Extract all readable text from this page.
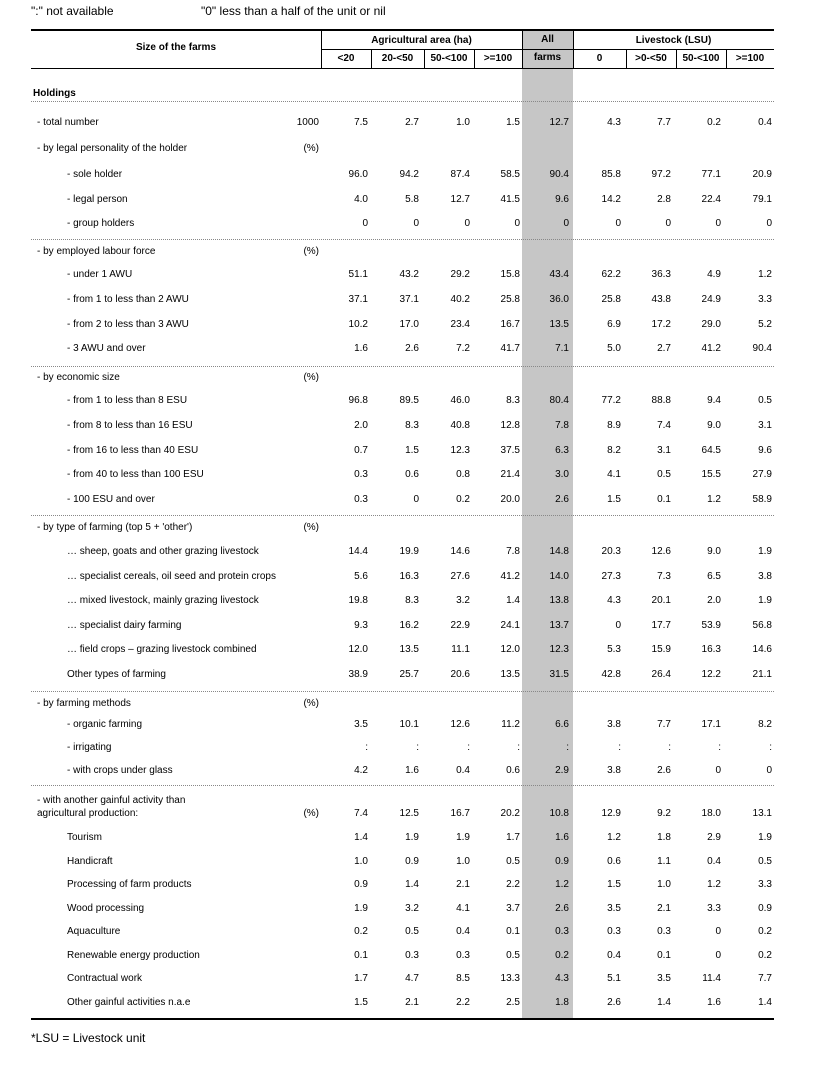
":" not available	"0" less than a half of the unit or nil
Size of the farms
Agricultural area (ha)	All
farms
Livestock (LSU)
<20	20-<50	50-<100	>=100	0	>0-<50	50-<100	>=100
Holdings
- total number	1000	7.5	2.7	1.0	1.5	12.7	4.3	7.7	0.2	0.4
- by legal personality of the holder	(%)
- sole holder	96.0	94.2	87.4	58.5	90.4	85.8	97.2	77.1	20.9
- legal person	4.0	5.8	12.7	41.5	9.6	14.2	2.8	22.4	79.1
- group holders	0	0	0	0	0	0	0	0	0
- by employed labour force	(%)
- under 1 AWU	51.1	43.2	29.2	15.8	43.4	62.2	36.3	4.9	1.2
- from 1 to less than 2 AWU	37.1	37.1	40.2	25.8	36.0	25.8	43.8	24.9	3.3
- from 2 to less than 3 AWU	10.2	17.0	23.4	16.7	13.5	6.9	17.2	29.0	5.2
- 3 AWU and over	1.6	2.6	7.2	41.7	7.1	5.0	2.7	41.2	90.4
- by economic size	(%)
- from 1 to less than 8 ESU	96.8	89.5	46.0	8.3	80.4	77.2	88.8	9.4	0.5
- from 8 to less than 16 ESU	2.0	8.3	40.8	12.8	7.8	8.9	7.4	9.0	3.1
- from 16 to less than 40 ESU	0.7	1.5	12.3	37.5	6.3	8.2	3.1	64.5	9.6
- from 40 to less than 100 ESU	0.3	0.6	0.8	21.4	3.0	4.1	0.5	15.5	27.9
- 100 ESU and over	0.3	0	0.2	20.0	2.6	1.5	0.1	1.2	58.9
- by type of farming (top 5 + 'other')	(%)
… sheep, goats and other grazing livestock	14.4	19.9	14.6	7.8	14.8	20.3	12.6	9.0	1.9
… specialist cereals, oil seed and protein crops	5.6	16.3	27.6	41.2	14.0	27.3	7.3	6.5	3.8
… mixed livestock, mainly grazing livestock	19.8	8.3	3.2	1.4	13.8	4.3	20.1	2.0	1.9
… specialist dairy farming	9.3	16.2	22.9	24.1	13.7	0	17.7	53.9	56.8
… field crops – grazing livestock combined	12.0	13.5	11.1	12.0	12.3	5.3	15.9	16.3	14.6
Other types of farming	38.9	25.7	20.6	13.5	31.5	42.8	26.4	12.2	21.1
- by farming methods	(%)
- organic farming	3.5	10.1	12.6	11.2	6.6	3.8	7.7	17.1	8.2
- irrigating	:	:	:	:	:	:	:	:	:
- with crops under glass	4.2	1.6	0.4	0.6	2.9	3.8	2.6	0	0
- with another gainful activity than
agricultural production:	(%)	7.4	12.5	16.7	20.2	10.8	12.9	9.2	18.0	13.1
Tourism	1.4	1.9	1.9	1.7	1.6	1.2	1.8	2.9	1.9
Handicraft	1.0	0.9	1.0	0.5	0.9	0.6	1.1	0.4	0.5
Processing of farm products	0.9	1.4	2.1	2.2	1.2	1.5	1.0	1.2	3.3
Wood processing	1.9	3.2	4.1	3.7	2.6	3.5	2.1	3.3	0.9
Aquaculture	0.2	0.5	0.4	0.1	0.3	0.3	0.3	0	0.2
Renewable energy production	0.1	0.3	0.3	0.5	0.2	0.4	0.1	0	0.2
Contractual work	1.7	4.7	8.5	13.3	4.3	5.1	3.5	11.4	7.7
Other gainful activities n.a.e	1.5	2.1	2.2	2.5	1.8	2.6	1.4	1.6	1.4
*LSU = Livestock unit
